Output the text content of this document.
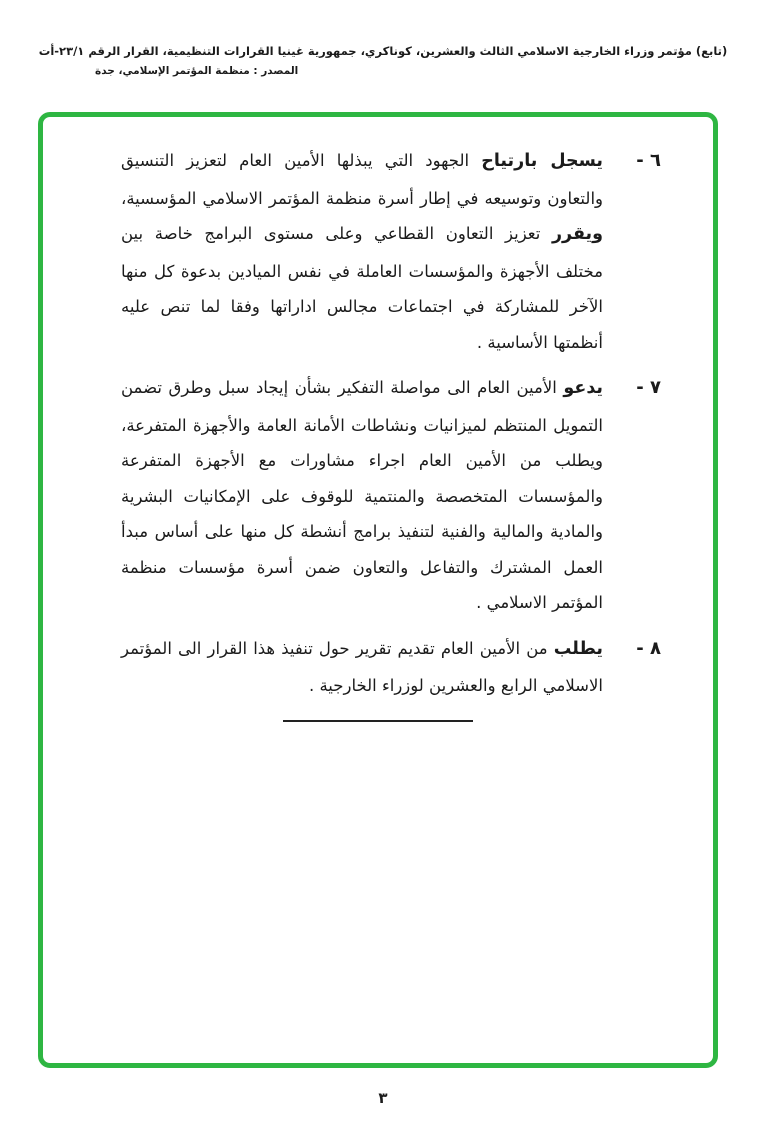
(تابع) مؤتمر وزراء الخارجية الاسلامي الثالث والعشرين، كوناكري، جمهورية غينيا القرارات التنظيمية، القرار الرقم ٢٣/١-أت
المصدر : منظمة المؤتمر الإسلامي، جدة
٦ -
يسجل بارتياح الجهود التي يبذلها الأمين العام لتعزيز التنسيق والتعاون وتوسيعه في إطار أسرة منظمة المؤتمر الاسلامي المؤسسية، ويقرر تعزيز التعاون القطاعي وعلى مستوى البرامج خاصة بين مختلف الأجهزة والمؤسسات العاملة في نفس الميادين بدعوة كل منها الآخر للمشاركة في اجتماعات مجالس اداراتها وفقا لما تنص عليه أنظمتها الأساسية .
٧ -
يدعو الأمين العام الى مواصلة التفكير بشأن إيجاد سبل وطرق تضمن التمويل المنتظم لميزانيات ونشاطات الأمانة العامة والأجهزة المتفرعة، ويطلب من الأمين العام اجراء مشاورات مع الأجهزة المتفرعة والمؤسسات المتخصصة والمنتمية للوقوف على الإمكانيات البشرية والمادية والمالية والفنية لتنفيذ برامج أنشطة كل منها على أساس مبدأ العمل المشترك والتفاعل والتعاون ضمن أسرة مؤسسات منظمة المؤتمر الاسلامي .
٨ -
يطلب من الأمين العام تقديم تقرير حول تنفيذ هذا القرار الى المؤتمر الاسلامي الرابع والعشرين لوزراء الخارجية .
٣
